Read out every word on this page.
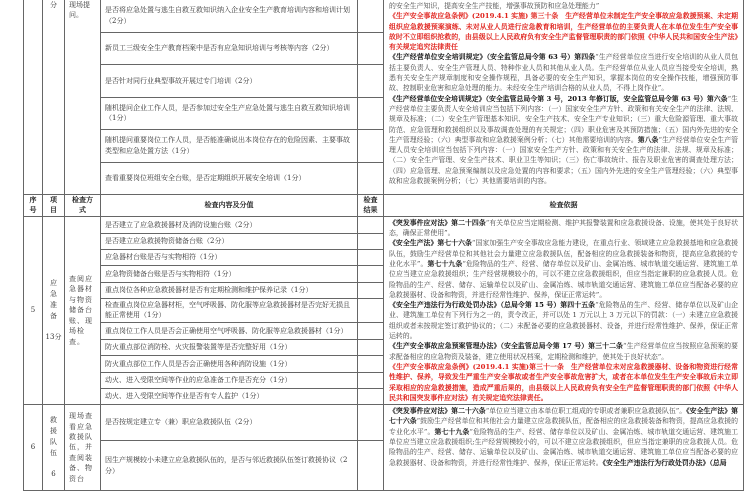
	分	现场提问。	是否将应急处置与逃生自救互救知识纳入企业安全生产教育培训内容和培训计划（2分）		的安全生产知识，提高安全生产技能，增强事故预防和应急处理能力”
《生产安全事故应急条例》(2019.4.1 实施) 第三十条　生产经营单位未制定生产安全事故应急救援预案、未定期组织应急救援预案演练、未对从业人员进行应急教育和培训，生产经营单位的主要负责人在本单位发生生产安全事故时不立即组织抢救的，由县级以上人民政府负有安全生产监督管理职责的部门依照《中华人民共和国安全生产法》有关规定追究法律责任
《生产经营单位安全培训规定》（安全监管总局令第 63 号）第四条“生产经营单位应当进行安全培训的从业人员包括主要负责人、安全生产管理人员、特种作业人员和其他从业人员。生产经营单位从业人员应当接受安全培训，熟悉有关安全生产规章制度和安全操作规程，具备必要的安全生产知识，掌握本岗位的安全操作技能，增强预防事故、控制职业危害和应急处理的能力。未经安全生产培训合格的从业人员，不得上岗作业”。
《生产经营单位安全培训规定》（安全监管总局令第 3 号，2013 年修订版，安全监管总局令第 63 号）第六条“生产经营单位主要负责人安全培训应当包括下列内容：（一）国家安全生产方针、政策和有关安全生产的法律、法规、规章及标准；（二）安全生产管理基本知识、安全生产技术、安全生产专业知识；（三）重大危险源管理、重大事故防范、应急管理和救援组织以及事故调查处理的有关规定；（四）职业危害及其预防措施；（五）国内外先进的安全生产管理经验；（六）典型事故和应急救援案例分析；（七）其他需要培训的内容。第八条“生产经营单位安全生产管理人员安全培训应当包括下列内容：（一）国家安全生产方针、政策和有关安全生产的法律、法规、规章及标准；（二）安全生产管理、安全生产技术、职业卫生等知识；（三）伤亡事故统计、报告及职业危害的调查处理方法；（四）应急管理、应急预案编制以及应急处置的内容和要求；（五）国内外先进的安全生产管理经验；（六）典型事故和应急救援案例分析；（七）其他需要培训的内容。
			新员工三级安全生产教育档案中是否有应急知识培训与考核等内容（2分）		
			是否针对同行业典型事故开展过专门培训（2分）		
			随机提问企业工作人员，是否参加过安全生产应急处置与逃生自救互救知识培训（1分）		
			随机提问重要岗位工作人员，是否能准确说出本岗位存在的危险因素、主要事故类型和应急处置方法（1分）		
			查看重要岗位班组安全台账，是否定期组织开展安全培训（1分）		
序号	项目	检查方式	检查内容及分值	检查结果	检查依据
5	应急准备
13分	查阅应急器材与物资储备台账、现场检查。	是否建立了应急救援器材及消防设施台账（2分）		《突发事件应对法》第二十四条“有关单位应当定期检测、维护其报警装置和应急救援设备、设施，使其处于良好状态，确保正常使用”。
《安全生产法》第七十六条“国家加强生产安全事故应急能力建设，在重点行业、领域建立应急救援基地和应急救援队伍，鼓励生产经营单位和其他社会力量建立应急救援队伍，配备相应的应急救援装备和物资，提高应急救援的专业化水平”。第七十九条“危险物品的生产、经营、储存单位以及矿山、金属冶炼、城市轨道交通运营、建筑施工单位应当建立应急救援组织；生产经营规模较小的，可以不建立应急救援组织，但应当指定兼职的应急救援人员。危险物品的生产、经营、储存、运输单位以及矿山、金属冶炼、城市轨道交通运营、建筑施工单位应当配备必要的应急救援器材、设备和物资，并进行经常性维护、保养，保证正常运转”。
《安全生产违法行为行政处罚办法》（总局令第 15 号）第四十五条“危险物品的生产、经营、储存单位以及矿山企业、建筑施工单位有下列行为之一的，责令改正，并可以处 1 万元以上 3 万元以下的罚款：（一）未建立应急救援组织或者未按规定签订救护协议的；（二）未配备必要的应急救援器材、设备，并进行经常性维护、保养，保证正常运转的。
《生产安全事故应急预案管理办法》（安全监管总局令第 17 号）第三十二条“生产经营单位应当按照应急预案的要求配备相应的应急物资及装备，建立使用状况档案，定期检测和维护，使其处于良好状态”。
《生产安全事故应急条例》(2019.4.1 实施)第三十一条　生产经营单位未对应急救援器材、设备和物资进行经常性维护、保养，导致发生严重生产安全事故或者生产安全事故危害扩大，或者在本单位发生生产安全事故后未立即采取相应的应急救援措施，造成严重后果的，由县级以上人民政府负有安全生产监督管理职责的部门依照《中华人民共和国突发事件应对法》有关规定追究法律责任。
			是否建立应急救援物资储备台账（2分）		
			应急器材台账是否与实物相符（1分）		
			应急物资储备台账是否与实物相符（1分）		
			重点岗位各种应急救援器材是否有定期检测和维护保养记录（1分）		
			检查重点岗位应急器材柜，空气呼吸器、防化服等应急救援器材是否完好无损且能正常使用（1分）		
			重点岗位工作人员是否会正确使用空气呼吸器、防化服等应急救援器材（1分）		
			防火重点部位消防栓、火灾报警装置等是否完整好用（1分）		
			防火重点部位工作人员是否会正确使用各种消防设施（1分）		
			动火、进入受限空间等作业的应急准备工作是否充分（1分）		
			动火、进入受限空间等作业是否有专人监护（1分）		
6	救援队伍
6	现场查看应急救援队伍，并查阅装备、物资台	是否按规定建立专（兼）职应急救援队伍（2分）		《突发事件应对法》第二十六条“单位应当建立由本单位职工组成的专职或者兼职应急救援队伍”。《安全生产法》第七十六条“鼓励生产经营单位和其他社会力量建立应急救援队伍，配备相应的应急救援装备和物资，提高应急救援的专业化水平”。第七十九条“危险物品的生产、经营、储存单位以及矿山、金属冶炼、城市轨道交通运营、建筑施工单位应当建立应急救援组织;生产经营规模较小的，可以不建立应急救援组织，但应当指定兼职的应急救援人员。危险物品的生产、经营、储存、运输单位以及矿山、金属冶炼、城市轨道交通运营、建筑施工单位应当配备必要的应急救援器材、设备和物资，并进行经常性维护、保养，保证正常运转。《安全生产违法行为行政处罚办法》（总局
			因生产规模较小未建立应急救援队伍的，是否与邻近救援队伍签订救援协议（2分）		
